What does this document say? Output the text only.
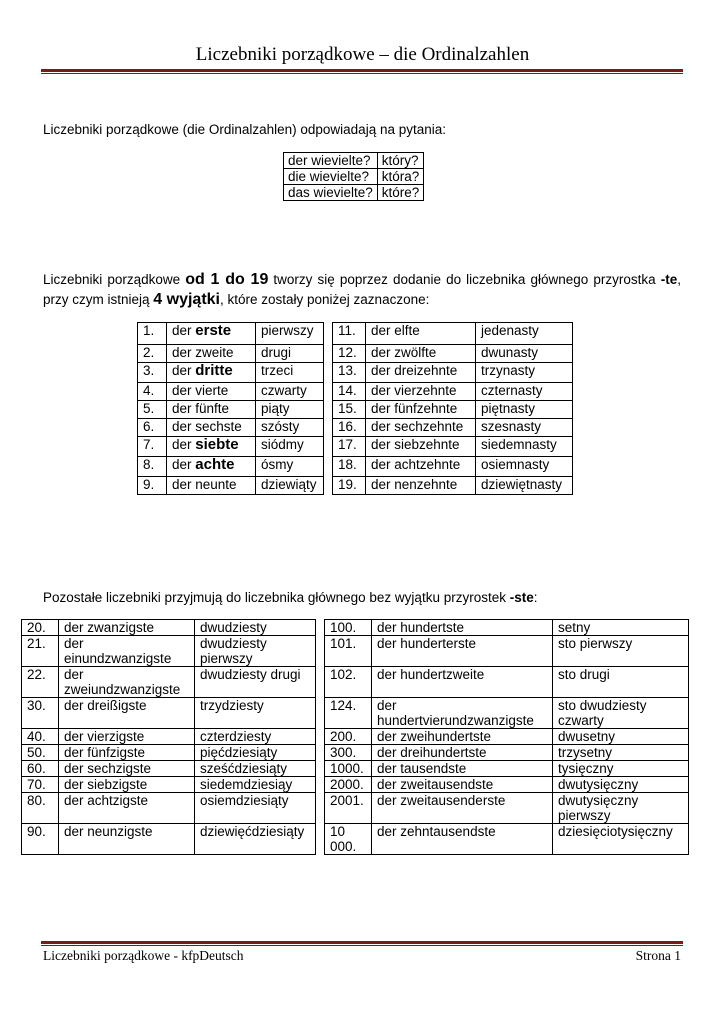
Liczebniki porządkowe – die Ordinalzahlen
Liczebniki porządkowe (die Ordinalzahlen) odpowiadają na pytania:
der wievielte?	który?
die wievielte?	która?
das wievielte?	które?
Liczebniki porządkowe od 1 do 19 tworzy się poprzez dodanie do liczebnika głównego przyrostka -te, przy czym istnieją 4 wyjątki, które zostały poniżej zaznaczone:
1.	der erste	pierwszy		11.	der elfte	jedenasty
2.	der zweite	drugi		12.	der zwölfte	dwunasty
3.	der dritte	trzeci		13.	der dreizehnte	trzynasty
4.	der vierte	czwarty		14.	der vierzehnte	czternasty
5.	der fünfte	piąty		15.	der fünfzehnte	piętnasty
6.	der sechste	szósty		16.	der sechzehnte	szesnasty
7.	der siebte	siódmy		17.	der siebzehnte	siedemnasty
8.	der achte	ósmy		18.	der achtzehnte	osiemnasty
9.	der neunte	dziewiąty		19.	der nenzehnte	dziewiętnasty
Pozostałe liczebniki przyjmują do liczebnika głównego bez wyjątku przyrostek -ste:
20.	der zwanzigste	dwudziesty		100.	der hundertste	setny
21.	der einundzwanzigste	dwudziesty pierwszy		101.	der hunderterste	sto pierwszy
22.	der zweiundzwanzigste	dwudziesty drugi		102.	der hundertzweite	sto drugi
30.	der dreißigste	trzydziesty		124.	der hundertvierundzwanzigste	sto dwudziesty czwarty
40.	der vierzigste	czterdziesty		200.	der zweihundertste	dwusetny
50.	der fünfzigste	pięćdziesiąty		300.	der dreihundertste	trzysetny
60.	der sechzigste	sześćdziesiąty		1000.	der tausendste	tysięczny
70.	der siebzigste	siedemdziesiąy		2000.	der zweitausendste	dwutysięczny
80.	der achtzigste	osiemdziesiąty		2001.	der zweitausenderste	dwutysięczny pierwszy
90.	der neunzigste	dziewięćdziesiąty		10 000.	der zehntausendste	dziesięciotysięczny
Liczebniki porządkowe - kfpDeutsch	Strona 1
